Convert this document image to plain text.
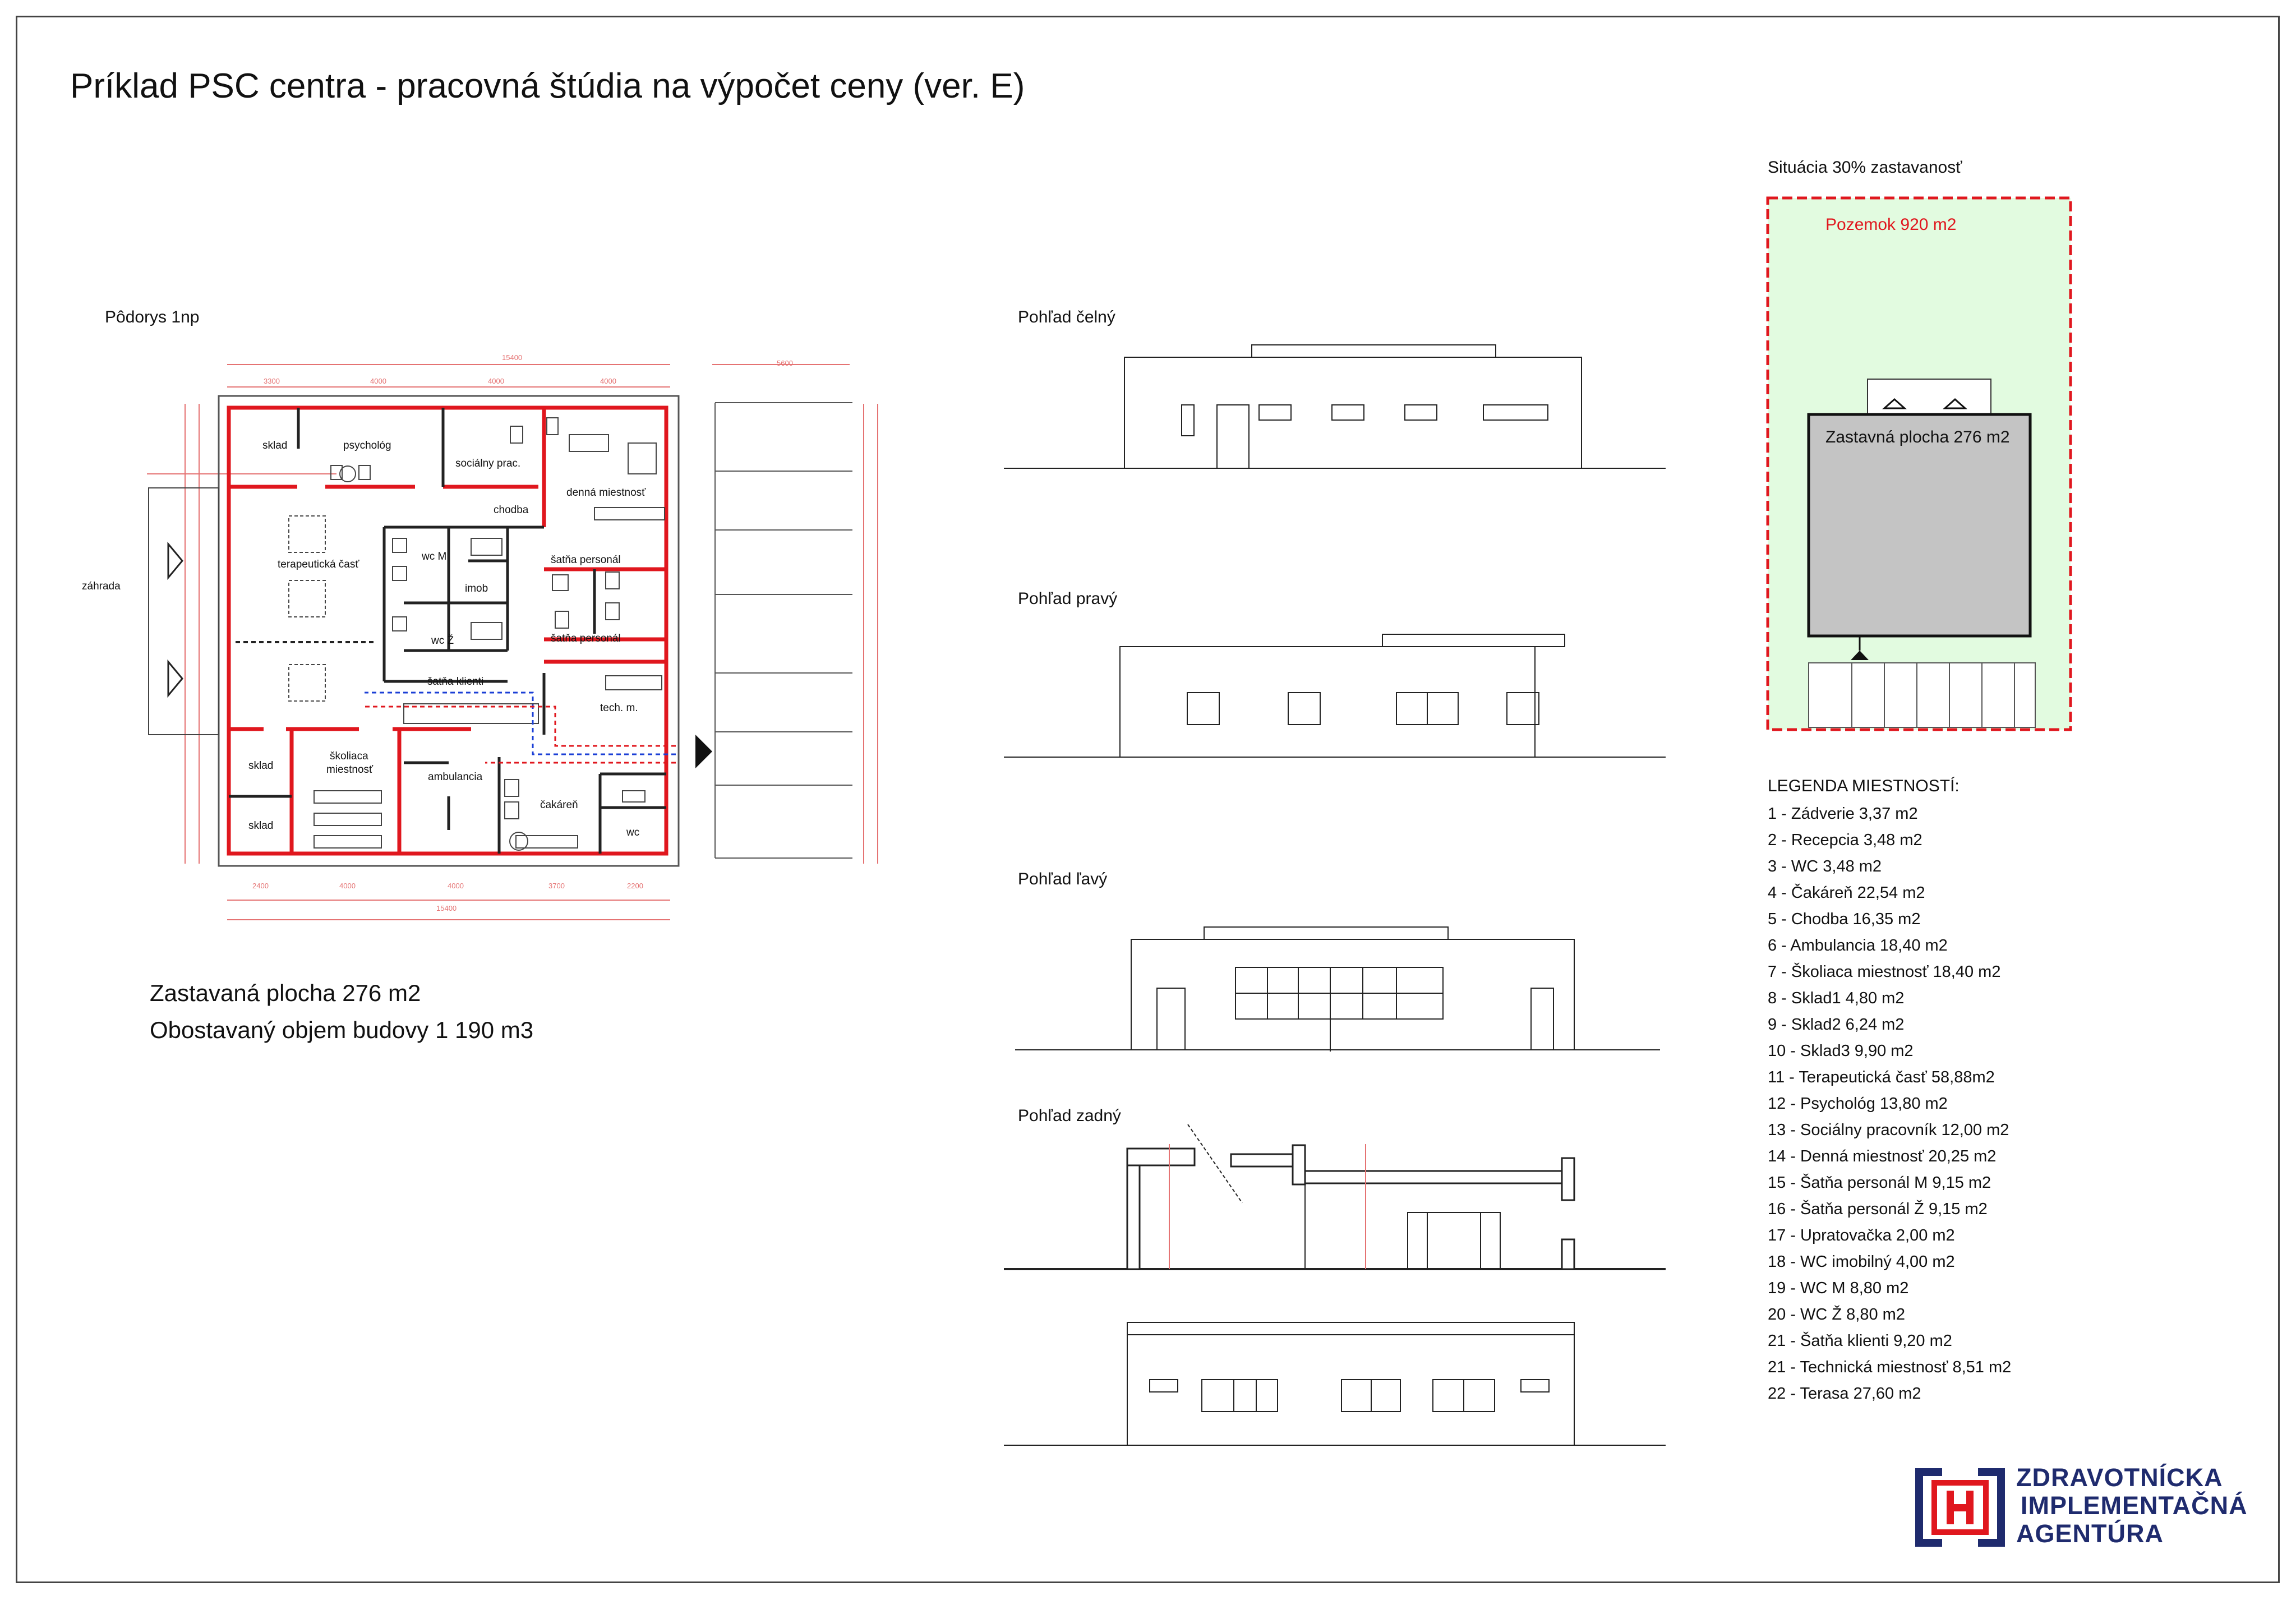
Príklad PSC centra - pracovná štúdia na výpočet ceny (ver. E)
Pôdorys 1np
sklad	psychológ
sociálny prac.
denná miestnosť
chodba
terapeutická časť
wc M
imob
wc Ž
šatňa personál
šatňa personál
šatňa klienti
tech. m.
sklad
školiaca
miestnosť
ambulancia
čakáreň
sklad
wc
záhrada
15400
3300	4000	4000	4000
2400	4000	4000	3700	2200
15400
5600
Zastavaná plocha 276 m2
Obostavaný objem budovy 1 190 m3
Pohľad čelný
Pohľad pravý
Pohľad ľavý
Pohľad zadný
Situácia 30% zastavanosť
Pozemok 920 m2
Zastavná plocha 276 m2
LEGENDA MIESTNOSTÍ:
1 - Zádverie 3,37 m2
2 - Recepcia 3,48 m2
3 - WC 3,48 m2
4 - Čakáreň 22,54 m2
5 - Chodba 16,35 m2
6 - Ambulancia 18,40 m2
7 - Školiaca miestnosť 18,40 m2
8 - Sklad1 4,80 m2
9 - Sklad2 6,24 m2
10 - Sklad3 9,90 m2
11 - Terapeutická časť 58,88m2
12 - Psychológ 13,80 m2
13 - Sociálny pracovník 12,00 m2
14 - Denná miestnosť 20,25 m2
15 - Šatňa personál M 9,15 m2
16 - Šatňa personál Ž 9,15 m2
17 - Upratovačka 2,00 m2
18 - WC imobilný 4,00 m2
19 - WC M 8,80 m2
20 - WC Ž 8,80 m2
21 - Šatňa klienti 9,20 m2
21 - Technická miestnosť 8,51 m2
22 - Terasa 27,60 m2
ZDRAVOTNÍCKA
IMPLEMENTAČNÁ
AGENTÚRA
